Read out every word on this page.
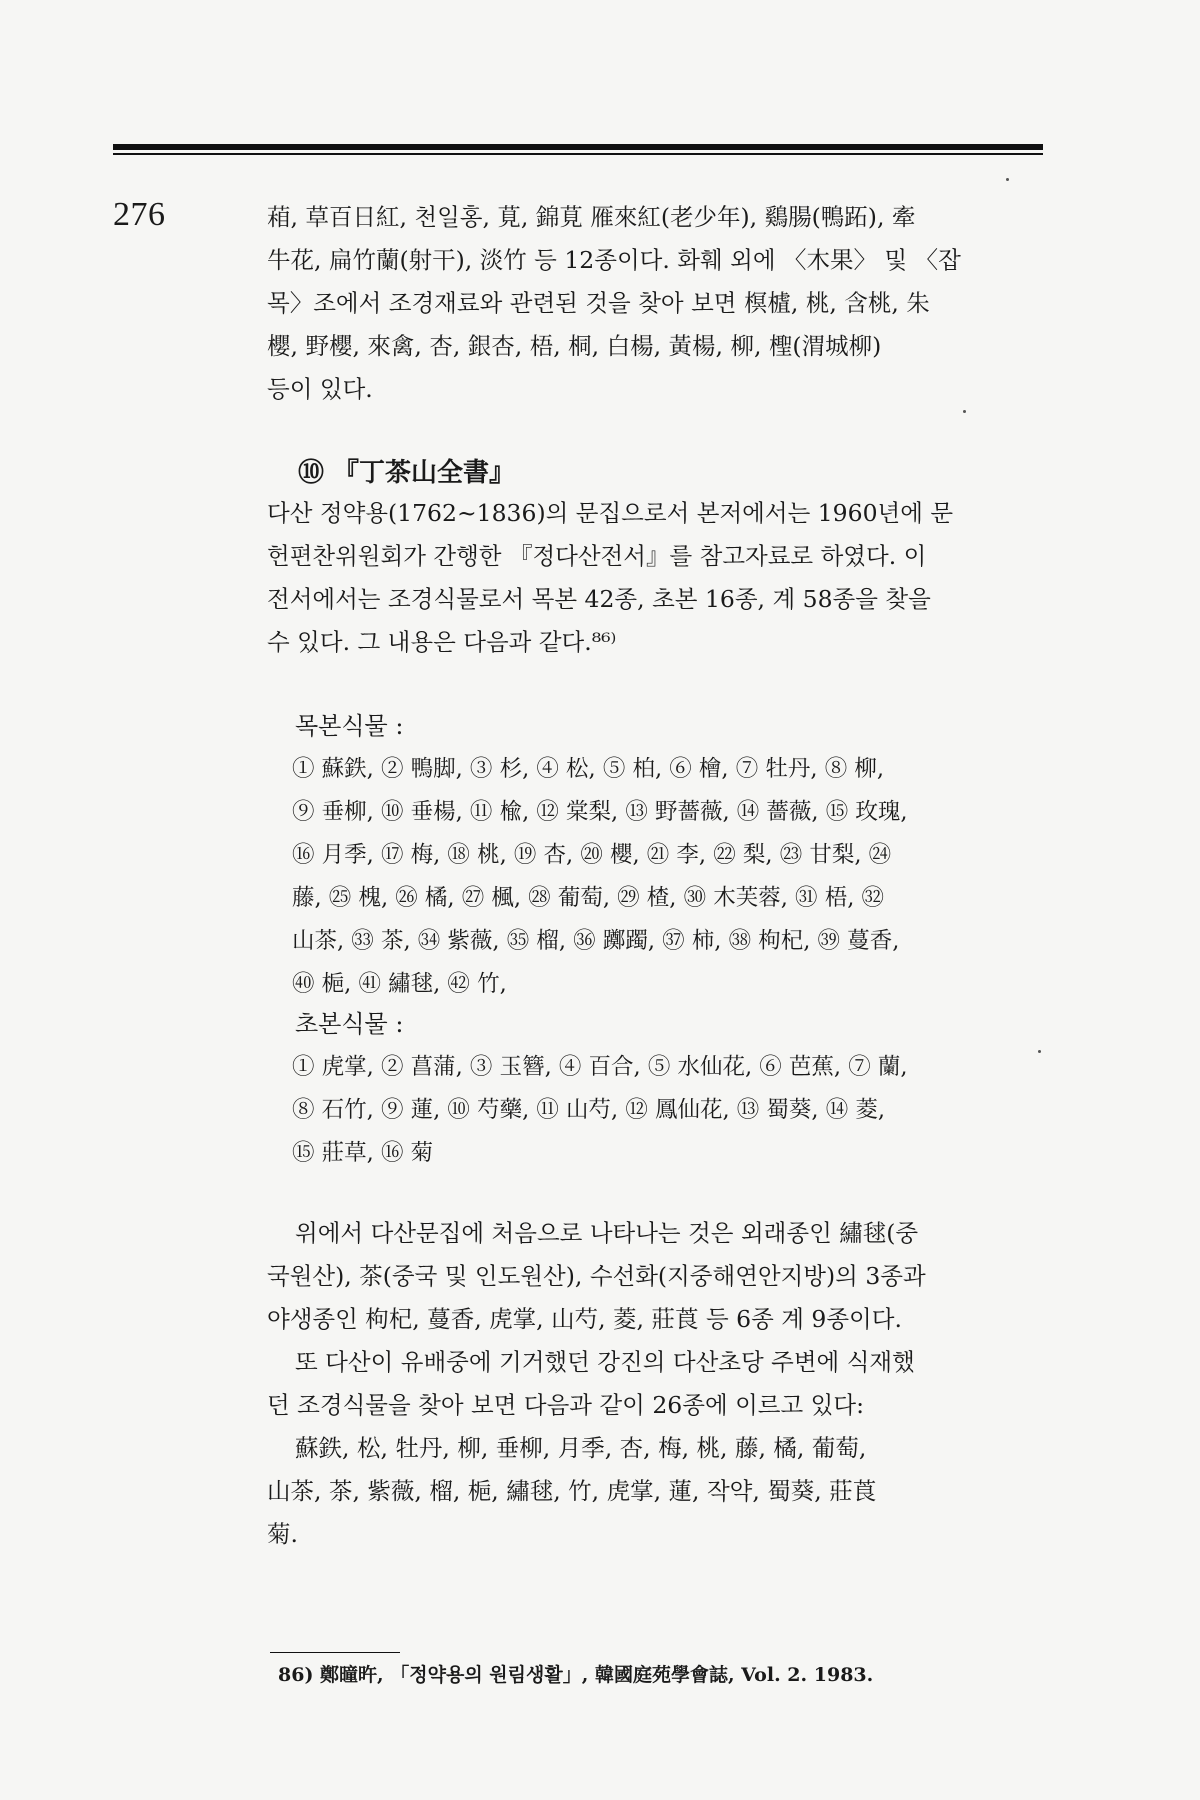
276	葙, 草百日紅, 천일홍, 莧, 錦莧 雁來紅(老少年), 鷄腸(鴨跖), 牽
牛花, 扁竹蘭(射干), 淡竹 등 12종이다. 화훼 외에 〈木果〉 및 〈잡
목〉조에서 조경재료와 관련된 것을 찾아 보면 榠樝, 桃, 含桃, 朱
櫻, 野櫻, 來禽, 杏, 銀杏, 梧, 桐, 白楊, 黃楊, 柳, 檉(渭城柳)
등이 있다.
⑩ 『丁茶山全書』
다산 정약용(1762~1836)의 문집으로서 본저에서는 1960년에 문
헌편찬위원회가 간행한 『정다산전서』를 참고자료로 하였다. 이
전서에서는 조경식물로서 목본 42종, 초본 16종, 계 58종을 찾을
수 있다. 그 내용은 다음과 같다.⁸⁶⁾
목본식물 :
① 蘇鉄, ② 鴨脚, ③ 杉, ④ 松, ⑤ 柏, ⑥ 檜, ⑦ 牡丹, ⑧ 柳,
⑨ 垂柳, ⑩ 垂楊, ⑪ 楡, ⑫ 棠梨, ⑬ 野薔薇, ⑭ 薔薇, ⑮ 玫瑰,
⑯ 月季, ⑰ 梅, ⑱ 桃, ⑲ 杏, ⑳ 櫻, ㉑ 李, ㉒ 梨, ㉓ 甘梨, ㉔
藤, ㉕ 槐, ㉖ 橘, ㉗ 楓, ㉘ 葡萄, ㉙ 楂, ㉚ 木芙蓉, ㉛ 梧, ㉜
山茶, ㉝ 茶, ㉞ 紫薇, ㉟ 榴, ㊱ 躑躅, ㊲ 柿, ㊳ 枸杞, ㊴ 蔓香,
㊵ 梔, ㊶ 繡毬, ㊷ 竹,
초본식물 :
① 虎掌, ② 菖蒲, ③ 玉簪, ④ 百合, ⑤ 水仙花, ⑥ 芭蕉, ⑦ 蘭,
⑧ 石竹, ⑨ 蓮, ⑩ 芍藥, ⑪ 山芍, ⑫ 鳳仙花, ⑬ 蜀葵, ⑭ 菱,
⑮ 莊草, ⑯ 菊
위에서 다산문집에 처음으로 나타나는 것은 외래종인 繡毬(중
국원산), 茶(중국 및 인도원산), 수선화(지중해연안지방)의 3종과
야생종인 枸杞, 蔓香, 虎掌, 山芍, 菱, 莊莨 등 6종 계 9종이다.
또 다산이 유배중에 기거했던 강진의 다산초당 주변에 식재했
던 조경식물을 찾아 보면 다음과 같이 26종에 이르고 있다:
蘇鉄, 松, 牡丹, 柳, 垂柳, 月季, 杏, 梅, 桃, 藤, 橘, 葡萄,
山茶, 茶, 紫薇, 榴, 梔, 繡毬, 竹, 虎掌, 蓮, 작약, 蜀葵, 莊莨
菊.
86) 鄭曈旿, 「정약용의 원림생활」, 韓國庭苑學會誌, Vol. 2. 1983.
